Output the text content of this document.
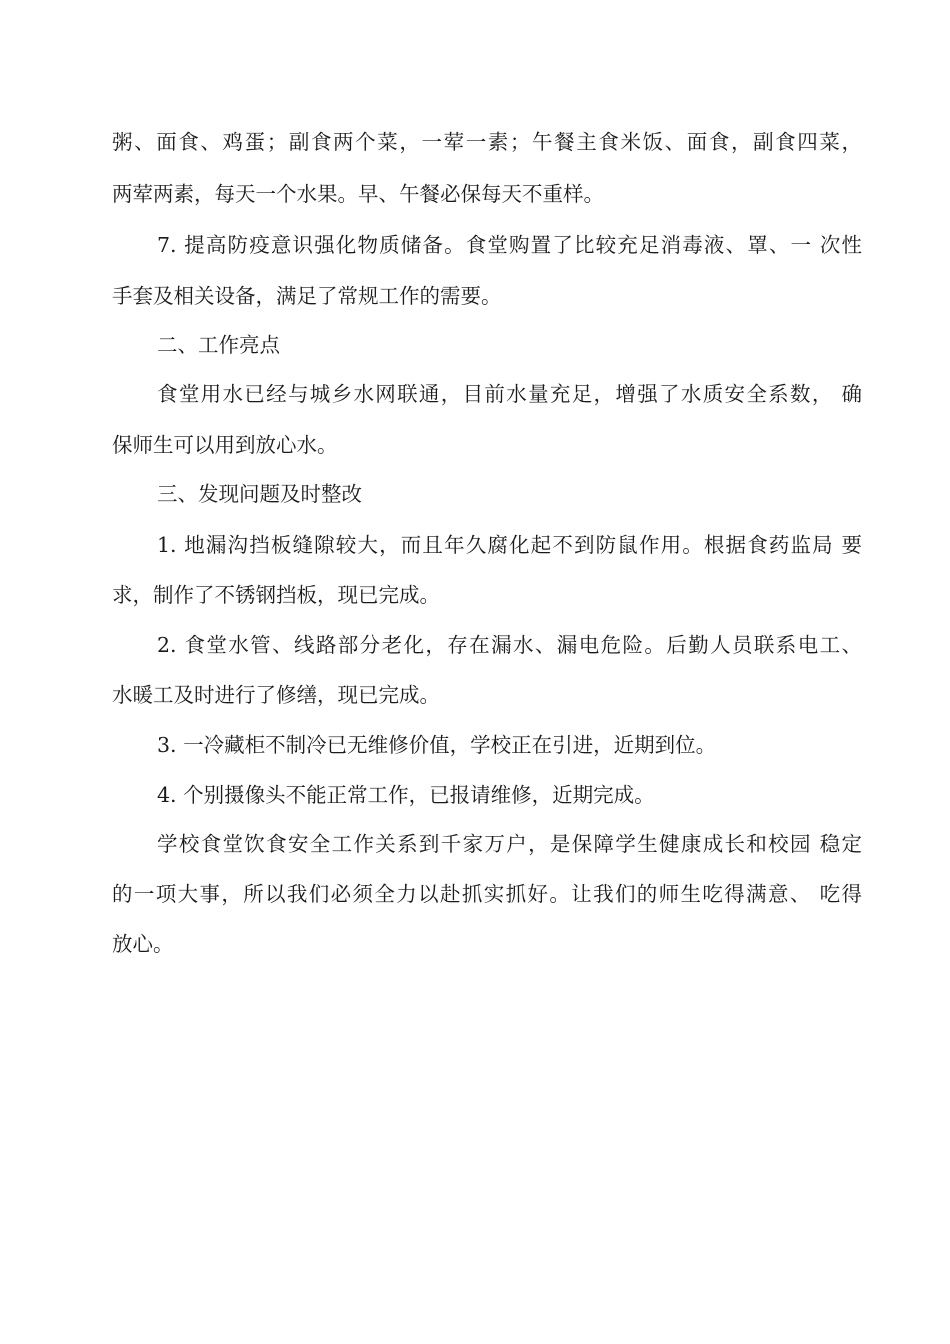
粥、面食、鸡蛋；副食两个菜，一荤一素；午餐主食米饭、面食，副食四菜，
两荤两素，每天一个水果。早、午餐必保每天不重样。
7. 提高防疫意识强化物质储备。食堂购置了比较充足消毒液、罩、一 次性
手套及相关设备，满足了常规工作的需要。
二、工作亮点
食堂用水已经与城乡水网联通，目前水量充足，增强了水质安全系数， 确
保师生可以用到放心水。
三、发现问题及时整改
1. 地漏沟挡板缝隙较大，而且年久腐化起不到防鼠作用。根据食药监局 要
求，制作了不锈钢挡板，现已完成。
2. 食堂水管、线路部分老化，存在漏水、漏电危险。后勤人员联系电工、
水暖工及时进行了修缮，现已完成。
3. 一冷藏柜不制冷已无维修价值，学校正在引进，近期到位。
4. 个别摄像头不能正常工作，已报请维修，近期完成。
学校食堂饮食安全工作关系到千家万户，是保障学生健康成长和校园 稳定
的一项大事，所以我们必须全力以赴抓实抓好。让我们的师生吃得满意、 吃得
放心。
